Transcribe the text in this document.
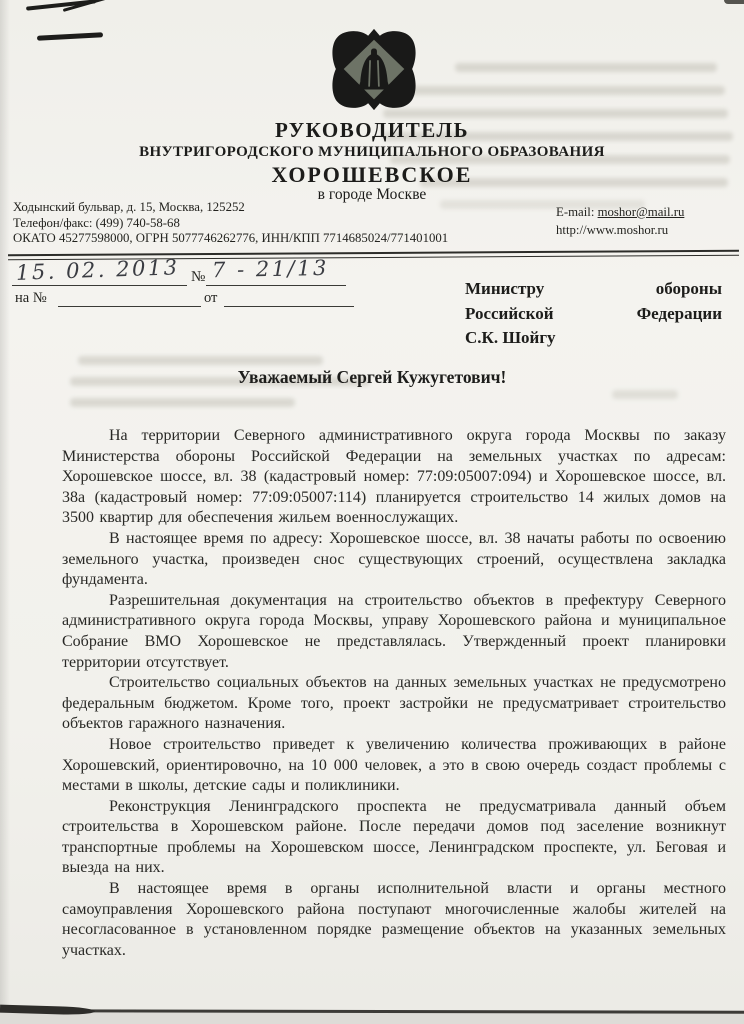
РУКОВОДИТЕЛЬ
ВНУТРИГОРОДСКОГО МУНИЦИПАЛЬНОГО ОБРАЗОВАНИЯ
ХОРОШЕВСКОЕ
в городе Москве
Ходынский бульвар, д. 15, Москва, 125252
Телефон/факс: (499) 740-58-68
ОКАТО 45277598000, ОГРН 5077746262776, ИНН/КПП 7714685024/771401001
E-mail: moshor@mail.ru
http://www.moshor.ru
15. 02. 2013 № 7 - 21/13
на №	от	Министру	обороны
Российской	Федерации
С.К. Шойгу
Уважаемый Сергей Кужугетович!

На территории Северного административного округа города Москвы по заказу Министерства обороны Российской Федерации на земельных участках по адресам: Хорошевское шоссе, вл. 38 (кадастровый номер: 77:09:05007:094) и Хорошевское шоссе, вл. 38а (кадастровый номер: 77:09:05007:114) планируется строительство 14 жилых домов на 3500 квартир для обеспечения жильем военнослужащих.

В настоящее время по адресу: Хорошевское шоссе, вл. 38 начаты работы по освоению земельного участка, произведен снос существующих строений, осуществлена закладка фундамента.

Разрешительная документация на строительство объектов в префектуру Северного административного округа города Москвы, управу Хорошевского района и муниципальное Собрание ВМО Хорошевское не представлялась. Утвержденный проект планировки территории отсутствует.

Строительство социальных объектов на данных земельных участках не предусмотрено федеральным бюджетом. Кроме того, проект застройки не предусматривает строительство объектов гаражного назначения.

Новое строительство приведет к увеличению количества проживающих в районе Хорошевский, ориентировочно, на 10 000 человек, а это в свою очередь создаст проблемы с местами в школы, детские сады и поликлиники.

Реконструкция Ленинградского проспекта не предусматривала данный объем строительства в Хорошевском районе. После передачи домов под заселение возникнут транспортные проблемы на Хорошевском шоссе, Ленинградском проспекте, ул. Беговая и выезда на них.

В настоящее время в органы исполнительной власти и органы местного самоуправления Хорошевского района поступают многочисленные жалобы жителей на несогласованное в установленном порядке размещение объектов на указанных земельных участках.
